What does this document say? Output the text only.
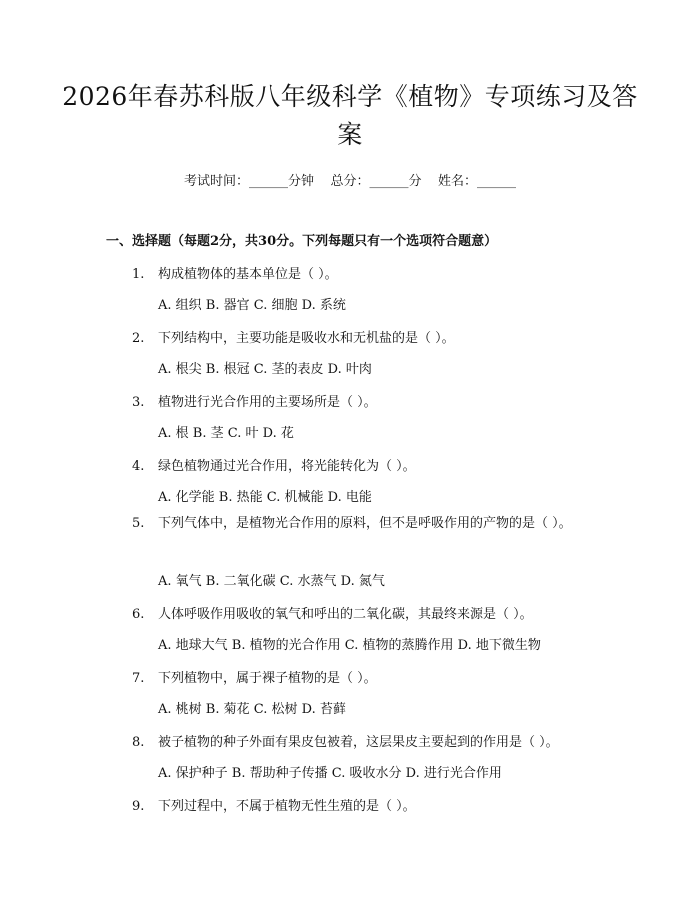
2026年春苏科版八年级科学《植物》专项练习及答案
考试时间：______分钟    总分：______分    姓名：______
一、选择题（每题2分，共30分。下列每题只有一个选项符合题意）
1. 构成植物体的基本单位是（ ）。
A. 组织 B. 器官 C. 细胞 D. 系统
2. 下列结构中，主要功能是吸收水和无机盐的是（ ）。
A. 根尖 B. 根冠 C. 茎的表皮 D. 叶肉
3. 植物进行光合作用的主要场所是（ ）。
A. 根 B. 茎 C. 叶 D. 花
4. 绿色植物通过光合作用，将光能转化为（ ）。
A. 化学能 B. 热能 C. 机械能 D. 电能
5. 下列气体中，是植物光合作用的原料，但不是呼吸作用的产物的是（ ）。
A. 氧气 B. 二氧化碳 C. 水蒸气 D. 氮气
6. 人体呼吸作用吸收的氧气和呼出的二氧化碳，其最终来源是（ ）。
A. 地球大气 B. 植物的光合作用 C. 植物的蒸腾作用 D. 地下微生物
7. 下列植物中，属于裸子植物的是（ ）。
A. 桃树 B. 菊花 C. 松树 D. 苔藓
8. 被子植物的种子外面有果皮包被着，这层果皮主要起到的作用是（ ）。
A. 保护种子 B. 帮助种子传播 C. 吸收水分 D. 进行光合作用
9. 下列过程中，不属于植物无性生殖的是（ ）。
